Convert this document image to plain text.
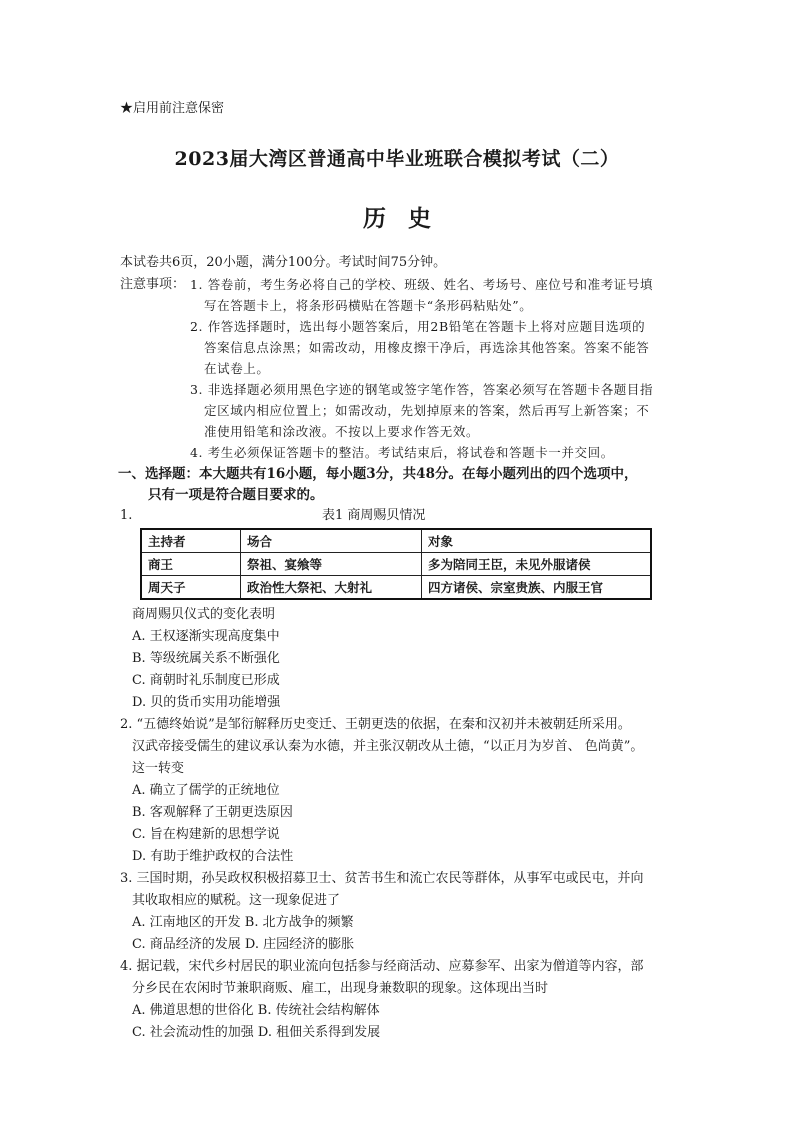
★启用前注意保密
2023届大湾区普通高中毕业班联合模拟考试（二）
历史
本试卷共6页，20小题，满分100分。考试时间75分钟。
注意事项： 1. 答卷前，考生务必将自己的学校、班级、姓名、考场号、座位号和准考证号填
写在答题卡上，将条形码横贴在答题卡“条形码粘贴处”。
2. 作答选择题时，选出每小题答案后，用2B铅笔在答题卡上将对应题目选项的
答案信息点涂黑；如需改动，用橡皮擦干净后，再选涂其他答案。答案不能答
在试卷上。
3. 非选择题必须用黑色字迹的钢笔或签字笔作答，答案必须写在答题卡各题目指
定区域内相应位置上；如需改动，先划掉原来的答案，然后再写上新答案；不
准使用铅笔和涂改液。不按以上要求作答无效。
4. 考生必须保证答题卡的整洁。考试结束后，将试卷和答题卡一并交回。
一、选择题：本大题共有16小题，每小题3分，共48分。在每小题列出的四个选项中，
只有一项是符合题目要求的。
1.	表1 商周赐贝情况
主持者	场合	对象
商王	祭祖、宴飨等	多为陪同王臣，未见外服诸侯
周天子	政治性大祭祀、大射礼	四方诸侯、宗室贵族、内服王官
商周赐贝仪式的变化表明
A. 王权逐渐实现高度集中
B. 等级统属关系不断强化
C. 商朝时礼乐制度已形成
D. 贝的货币实用功能增强
2. “五德终始说”是邹衍解释历史变迁、王朝更迭的依据，在秦和汉初并未被朝廷所采用。
汉武帝接受儒生的建议承认秦为水德，并主张汉朝改从土德，“以正月为岁首、 色尚黄”。
这一转变
A. 确立了儒学的正统地位
B. 客观解释了王朝更迭原因
C. 旨在构建新的思想学说
D. 有助于维护政权的合法性
3. 三国时期，孙吴政权积极招募卫士、贫苦书生和流亡农民等群体，从事军屯或民屯，并向
其收取相应的赋税。这一现象促进了
A. 江南地区的开发 B. 北方战争的频繁
C. 商品经济的发展 D. 庄园经济的膨胀
4. 据记载，宋代乡村居民的职业流向包括参与经商活动、应募参军、出家为僧道等内容，部
分乡民在农闲时节兼职商贩、雇工，出现身兼数职的现象。这体现出当时
A. 佛道思想的世俗化 B. 传统社会结构解体
C. 社会流动性的加强 D. 租佃关系得到发展
